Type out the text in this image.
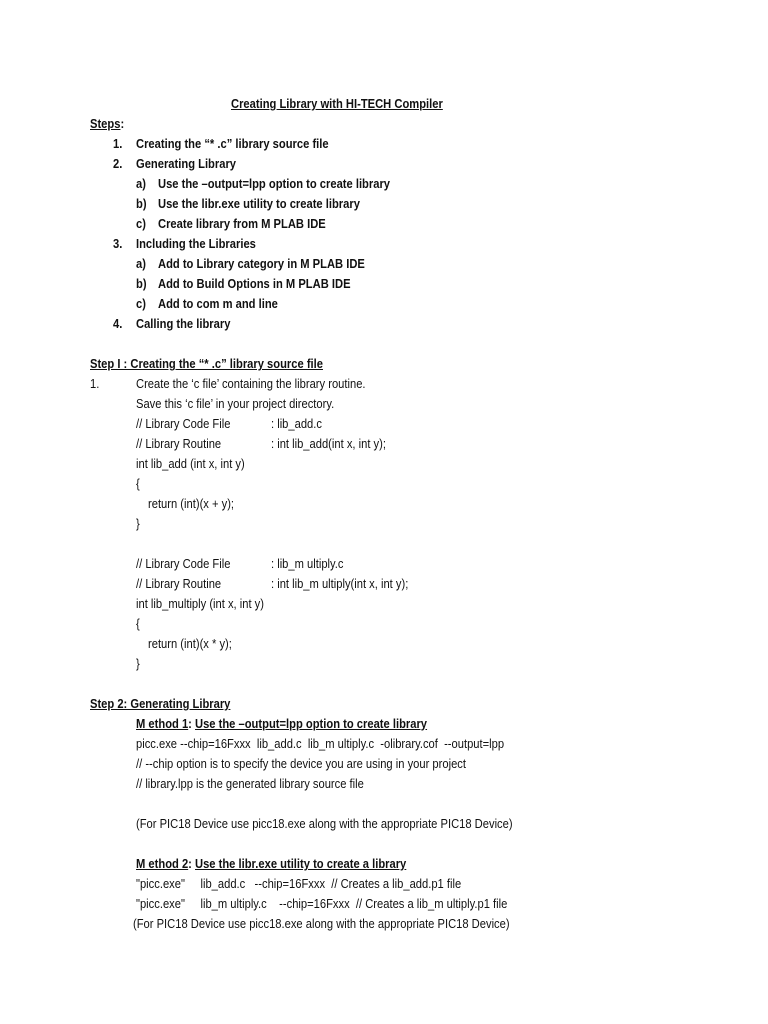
Creating Library with HI-TECH Compiler
Steps:
1. Creating the “* .c” library source file
2. Generating Library
a) Use the –output=lpp option to create library
b) Use the libr.exe utility to create library
c) Create library from M PLAB IDE
3. Including the Libraries
a) Add to Library category in M PLAB IDE
b) Add to Build Options in M PLAB IDE
c) Add to com m and line
4. Calling the library
Step I : Creating the “* .c” library source file
1.	Create the ‘c file’ containing the library routine.
Save this ‘c file’ in your project directory.
// Library Code File	: lib_add.c
// Library Routine	: int lib_add(int x, int y);
int lib_add (int x, int y)
{
return (int)(x + y);
}
// Library Code File	: lib_m ultiply.c
// Library Routine	: int lib_m ultiply(int x, int y);
int lib_multiply (int x, int y)
{
return (int)(x * y);
}
Step 2: Generating Library
M ethod 1: Use the –output=lpp option to create library
picc.exe --chip=16Fxxx  lib_add.c  lib_m ultiply.c  -olibrary.cof  --output=lpp
// --chip option is to specify the device you are using in your project
// library.lpp is the generated library source file
(For PIC18 Device use picc18.exe along with the appropriate PIC18 Device)
M ethod 2: Use the libr.exe utility to create a library
"picc.exe"     lib_add.c   --chip=16Fxxx  // Creates a lib_add.p1 file
"picc.exe"     lib_m ultiply.c    --chip=16Fxxx  // Creates a lib_m ultiply.p1 file
(For PIC18 Device use picc18.exe along with the appropriate PIC18 Device)
